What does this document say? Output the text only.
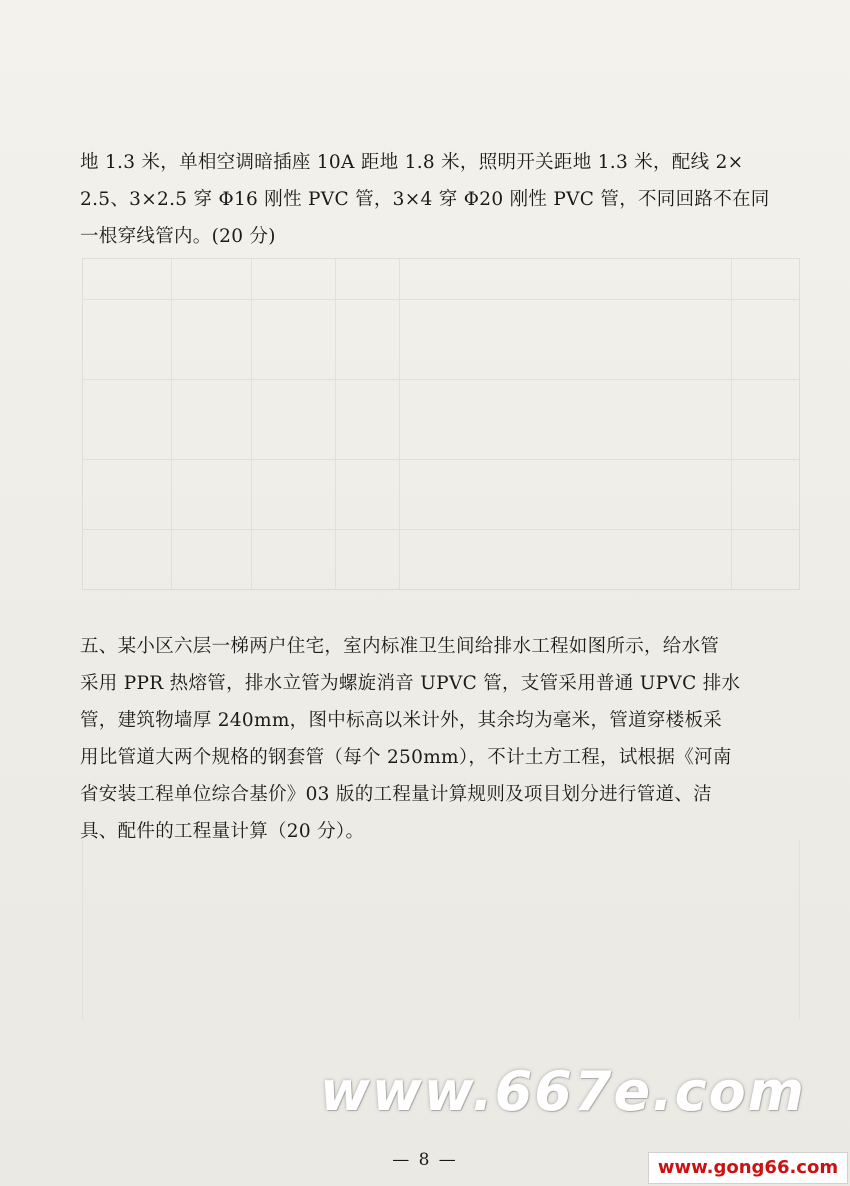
地 1.3 米，单相空调暗插座 10A 距地 1.8 米，照明开关距地 1.3 米，配线 2×

2.5、3×2.5 穿 Φ16 刚性 PVC 管，3×4 穿 Φ20 刚性 PVC 管，不同回路不在同

一根穿线管内。(20 分)

五、某小区六层一梯两户住宅，室内标准卫生间给排水工程如图所示，给水管

采用 PPR 热熔管，排水立管为螺旋消音 UPVC 管，支管采用普通 UPVC 排水

管，建筑物墙厚 240mm，图中标高以米计外，其余均为毫米，管道穿楼板采

用比管道大两个规格的钢套管（每个 250mm），不计土方工程，试根据《河南

省安装工程单位综合基价》03 版的工程量计算规则及项目划分进行管道、洁

具、配件的工程量计算（20 分）。

www.667e.com
— 8 —	www.gong66.com
